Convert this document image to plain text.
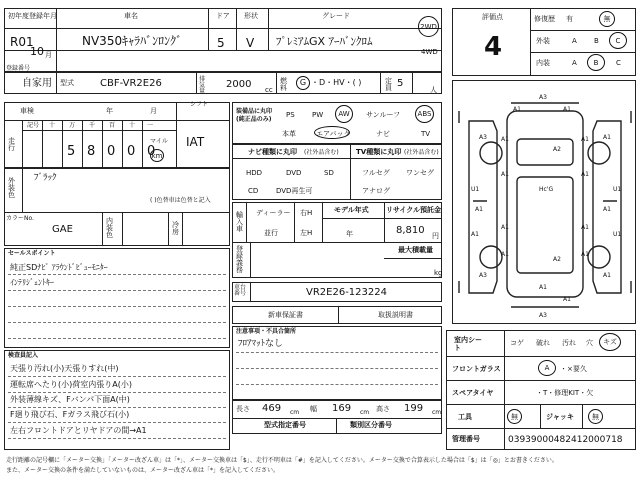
初年度登録年月
R01
10 月
車名
NV350ｷｬﾗﾊﾞﾝﾛﾝｸﾞ
ドア
5
形状
V
グレード
ﾌﾟﾚﾐｱﾑGX ｱｰﾊﾞﾝｸﾛﾑ
2WD
4WD
登録番号
自家用 型式	CBF-VR2E26	排気量
2000 cc
燃料
G ・D・HV・( )	定員 5
人
車検	年	月
シフト
IAT
走行
記号 十 万 千 百 十 一
マイル
5 8 0 0 0
km
外装色
ﾌﾞﾗｯｸ
( )色替車は色替と記入
カラーNo.
GAE
内装色
冷房
装備品に丸印
(純正品のみ)
PS PW	AW	サンルーフ	ABS
本革	エアバック	ナビ	TV
ナビ種類に丸印 (社外品含む) TV種類に丸印 (社外品含む)
HDD	DVD	SD
CD	DVD再生可
フルセグ ワンセグ
アナログ
輸入車
ディーラー
並行
右H
左H
モデル年式
年
リサイクル預託金
8,810 円
最大積載量
kg
登録義務
車台番号	VR2E26-123224
新車保証書	取扱説明書
注意事項・不具合箇所
ﾌﾛｱﾏｯﾄなし
長さ 469 cm 幅 169 cm 高さ 199 cm
型式指定番号	類別区分番号
セールスポイント
純正SDﾅﾋﾞ ｱﾗｳﾝﾄﾞﾋﾞｭｰﾓﾆﾀｰ
ｲﾝﾃﾘｼﾞｪﾝﾄｷｰ
検査員記入
天張り汚れ(小)天張りすれ(中)
運転席へたり(小)荷室内張りA(小)
外装薄線キズ、Fバンパ下面A(中)
F廻り飛び石、Fガラス飛び石(小)
左右フロントドアとリヤドアの間→A1
評価点
4
修復歴 有	無
外装	A B	C
内装	A	B	C
A3
A1	A1
A1
U1
A1
A1
A1
U1
A1
A2
A3	A1
A1
A1	A1
A1	A1
A3	A1
U1
A1
A2
A1
A3
A1
Hc'G
室内シート
コゲ 破れ 汚れ 穴	キズ
フロントガラス	A	・×要久
スペアタイヤ	・T・修理KIT・欠
工具	無	ジャッキ	無
管理番号	03939000482412000718
走行距離の記号欄に「メーター交換」「メーター改ざん車」は「*」、メーター交換車は「$」、走行不明車は「#」を記入してください。メーター交換で合算表示した場合は「$」は「◎」とお書きください。
また、メーター交換の条件を満たしていないものは、メーター改ざん車は「*」を記入してください。
